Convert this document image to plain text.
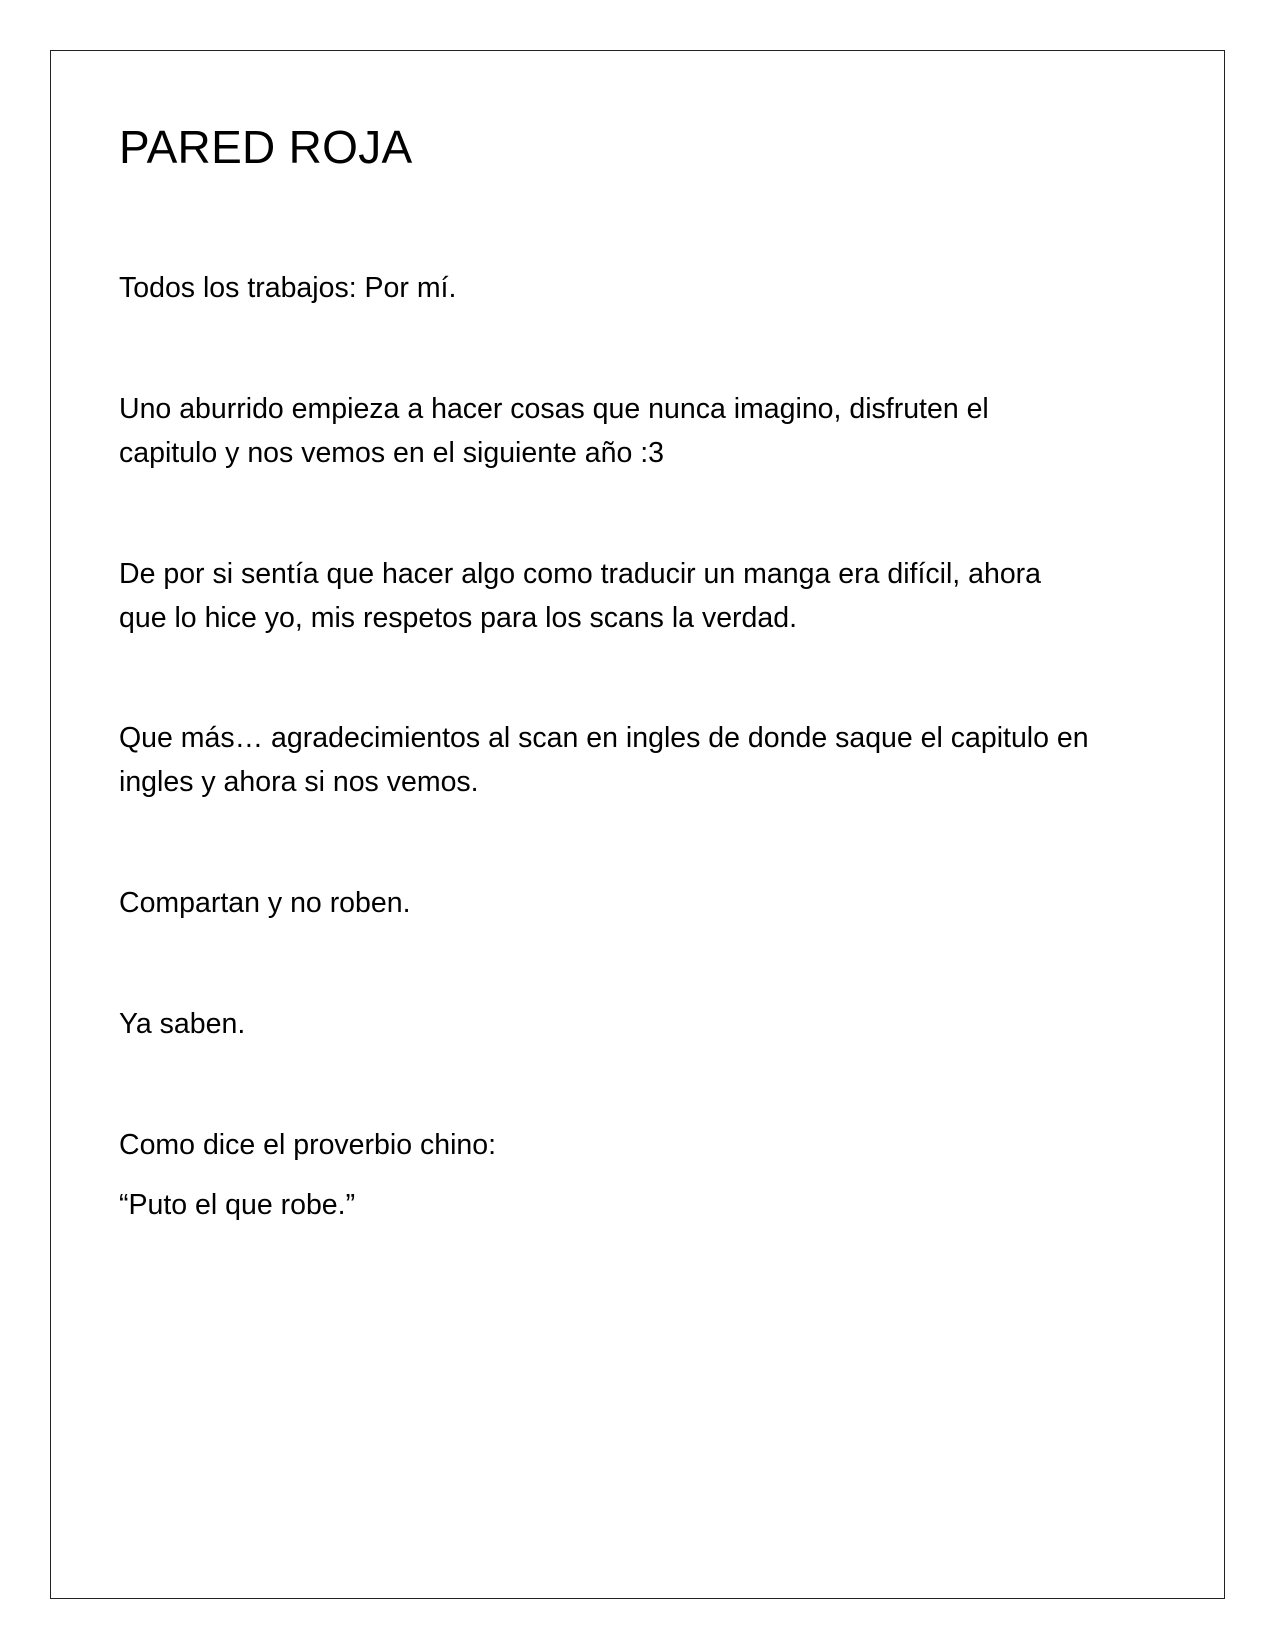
PARED ROJA

Todos los trabajos: Por mí.

Uno aburrido empieza a hacer cosas que nunca imagino, disfruten el
capitulo y nos vemos en el siguiente año :3

De por si sentía que hacer algo como traducir un manga era difícil, ahora
que lo hice yo, mis respetos para los scans la verdad.

Que más… agradecimientos al scan en ingles de donde saque el capitulo en
ingles y ahora si nos vemos.

Compartan y no roben.

Ya saben.

Como dice el proverbio chino:

“Puto el que robe.”
